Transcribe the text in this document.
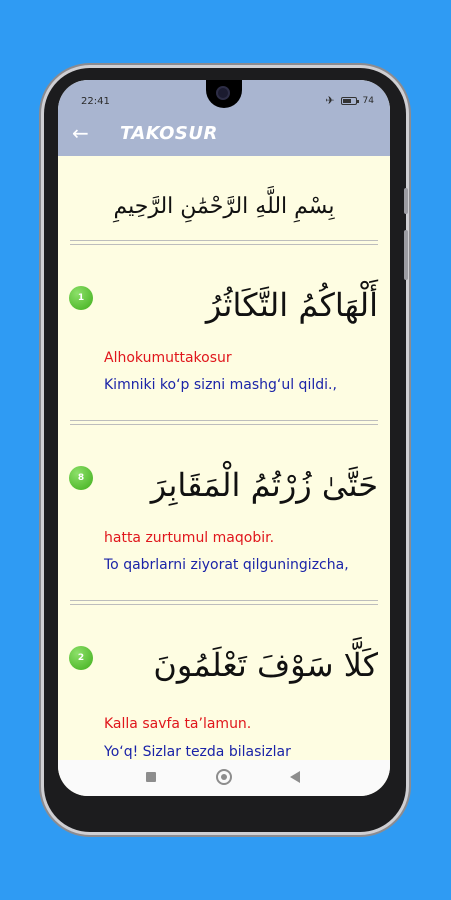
22:41	✈	74
← TAKOSUR
بِسْمِ اللَّهِ الرَّحْمَٰنِ الرَّحِيمِ
1	أَلْهَاكُمُ التَّكَاثُرُ
Alhokumuttakosur
Kimniki ko‘p sizni mashg‘ul qildi.,
8	حَتَّىٰ زُرْتُمُ الْمَقَابِرَ
hatta zurtumul maqobir.
To qabrlarni ziyorat qilguningizcha,
2	كَلَّا سَوْفَ تَعْلَمُونَ
Kalla savfa ta’lamun.
Yo‘q! Sizlar tezda bilasizlar
